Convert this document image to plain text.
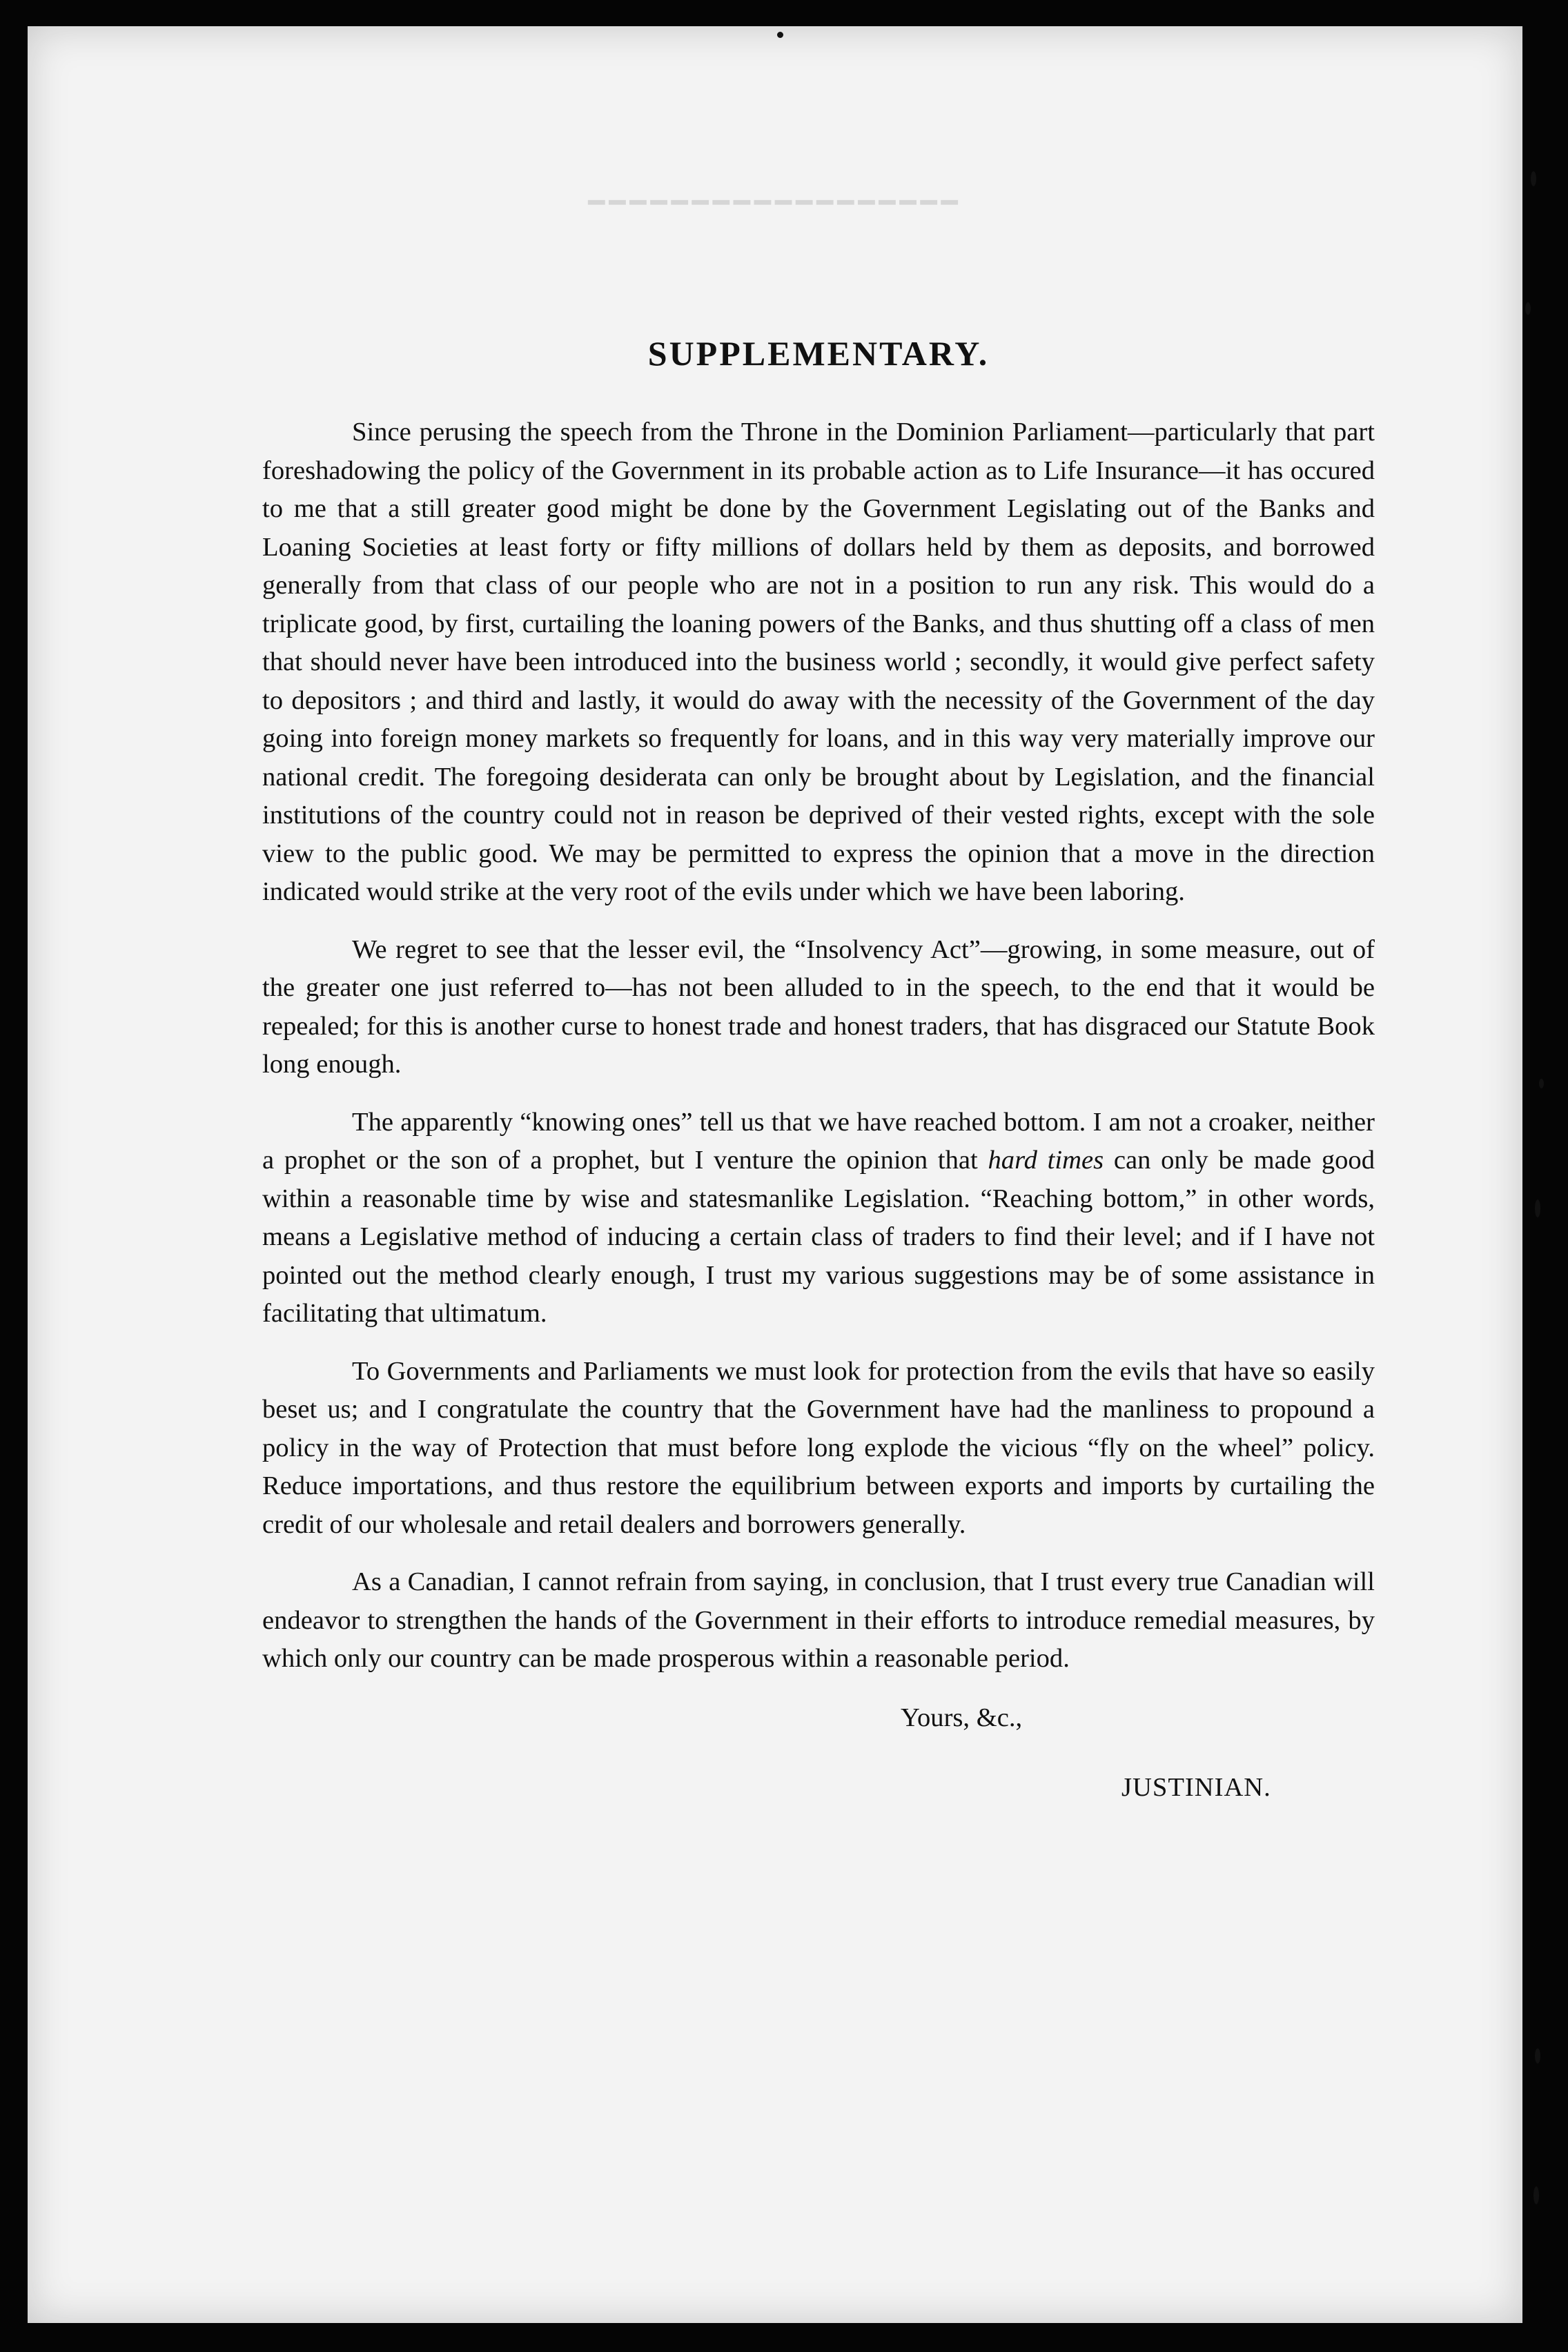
━━━━━━━━━━━━━━━━━━
SUPPLEMENTARY.

Since perusing the speech from the Throne in the Dominion Parliament—particularly that part foreshadowing the policy of the Government in its probable action as to Life Insurance—it has occured to me that a still greater good might be done by the Government Legislating out of the Banks and Loaning Societies at least forty or fifty millions of dollars held by them as deposits, and borrowed generally from that class of our people who are not in a position to run any risk. This would do a triplicate good, by first, curtailing the loaning powers of the Banks, and thus shutting off a class of men that should never have been introduced into the business world ; secondly, it would give perfect safety to depositors ; and third and lastly, it would do away with the necessity of the Government of the day going into foreign money markets so frequently for loans, and in this way very materially improve our national credit. The foregoing desiderata can only be brought about by Legislation, and the financial institutions of the country could not in reason be deprived of their vested rights, except with the sole view to the public good. We may be permitted to express the opinion that a move in the direction indicated would strike at the very root of the evils under which we have been laboring.

We regret to see that the lesser evil, the “Insolvency Act”—growing, in some measure, out of the greater one just referred to—has not been alluded to in the speech, to the end that it would be repealed; for this is another curse to honest trade and honest traders, that has disgraced our Statute Book long enough.

The apparently “knowing ones” tell us that we have reached bottom. I am not a croaker, neither a prophet or the son of a prophet, but I venture the opinion that hard times can only be made good within a reasonable time by wise and statesmanlike Legislation. “Reaching bottom,” in other words, means a Legislative method of inducing a certain class of traders to find their level; and if I have not pointed out the method clearly enough, I trust my various suggestions may be of some assistance in facilitating that ultimatum.

To Governments and Parliaments we must look for protection from the evils that have so easily beset us; and I congratulate the country that the Government have had the manliness to propound a policy in the way of Protection that must before long explode the vicious “fly on the wheel” policy. Reduce importations, and thus restore the equilibrium between exports and imports by curtailing the credit of our wholesale and retail dealers and borrowers generally.

As a Canadian, I cannot refrain from saying, in conclusion, that I trust every true Canadian will endeavor to strengthen the hands of the Government in their efforts to introduce remedial measures, by which only our country can be made prosperous within a reasonable period.

Yours, &c.,
JUSTINIAN.
